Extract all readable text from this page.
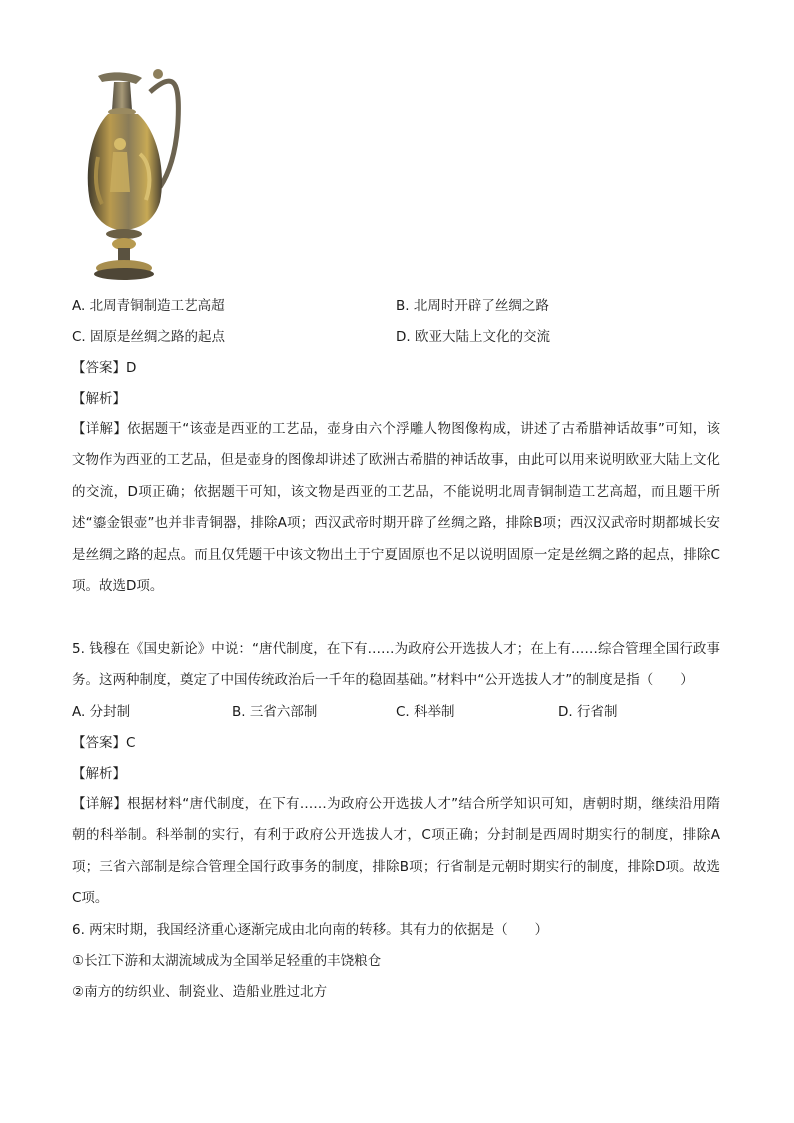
A. 北周青铜制造工艺高超	B. 北周时开辟了丝绸之路
C. 固原是丝绸之路的起点	D. 欧亚大陆上文化的交流
【答案】D
【解析】
【详解】依据题干“该壶是西亚的工艺品，壶身由六个浮雕人物图像构成，讲述了古希腊神话故事”可知，该文物作为西亚的工艺品，但是壶身的图像却讲述了欧洲古希腊的神话故事，由此可以用来说明欧亚大陆上文化的交流，D项正确；依据题干可知，该文物是西亚的工艺品，不能说明北周青铜制造工艺高超，而且题干所述“鎏金银壶”也并非青铜器，排除A项；西汉武帝时期开辟了丝绸之路，排除B项；西汉汉武帝时期都城长安是丝绸之路的起点。而且仅凭题干中该文物出土于宁夏固原也不足以说明固原一定是丝绸之路的起点，排除C项。故选D项。
5. 钱穆在《国史新论》中说：“唐代制度，在下有……为政府公开选拔人才；在上有……综合管理全国行政事务。这两种制度，奠定了中国传统政治后一千年的稳固基础。”材料中“公开选拔人才”的制度是指（　　）
A. 分封制	B. 三省六部制	C. 科举制	D. 行省制
【答案】C
【解析】
【详解】根据材料“唐代制度，在下有……为政府公开选拔人才”结合所学知识可知，唐朝时期，继续沿用隋朝的科举制。科举制的实行，有利于政府公开选拔人才，C项正确；分封制是西周时期实行的制度，排除A项；三省六部制是综合管理全国行政事务的制度，排除B项；行省制是元朝时期实行的制度，排除D项。故选C项。
6. 两宋时期，我国经济重心逐渐完成由北向南的转移。其有力的依据是（　　）
①长江下游和太湖流域成为全国举足轻重的丰饶粮仓
②南方的纺织业、制瓷业、造船业胜过北方
